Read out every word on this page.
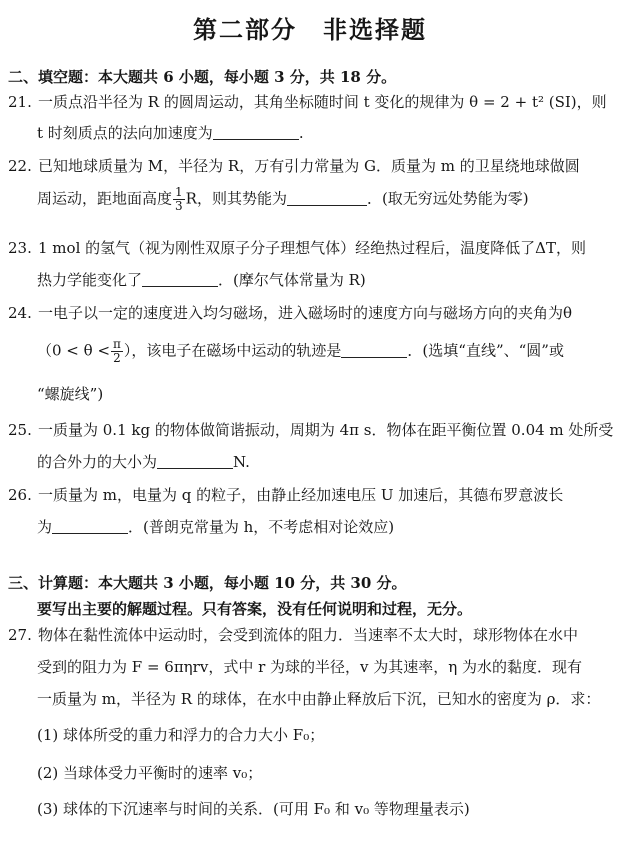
第二部分　非选择题
二、填空题：本大题共 6 小题，每小题 3 分，共 18 分。
21. 一质点沿半径为 R 的圆周运动，其角坐标随时间 t 变化的规律为 θ = 2 + t² (SI)，则
t 时刻质点的法向加速度为	.
22. 已知地球质量为 M，半径为 R，万有引力常量为 G．质量为 m 的卫星绕地球做圆
周运动，距地面高度 $\frac{1}{3}$ R，则其势能为	．(取无穷远处势能为零)
23. 1 mol 的氢气（视为刚性双原子分子理想气体）经绝热过程后，温度降低了ΔT，则
热力学能变化了	．(摩尔气体常量为 R)
24. 一电子以一定的速度进入均匀磁场，进入磁场时的速度方向与磁场方向的夹角为θ
（$0 < \theta < \frac{\pi}{2}$ ），该电子在磁场中运动的轨迹是	．(选填“直线”、“圆”或
“螺旋线”)
25. 一质量为 0.1 kg 的物体做简谐振动，周期为 4π s．物体在距平衡位置 0.04 m 处所受
的合外力的大小为	N.
26. 一质量为 m，电量为 q 的粒子，由静止经加速电压 U 加速后，其德布罗意波长
为	．(普朗克常量为 h，不考虑相对论效应)
三、计算题：本大题共 3 小题，每小题 10 分，共 30 分。
要写出主要的解题过程。只有答案，没有任何说明和过程，无分。
27. 物体在黏性流体中运动时，会受到流体的阻力．当速率不太大时，球形物体在水中
受到的阻力为 F = 6πηrv，式中 r 为球的半径，v 为其速率，η 为水的黏度．现有
一质量为 m，半径为 R 的球体，在水中由静止释放后下沉，已知水的密度为 ρ．求：
(1) 球体所受的重力和浮力的合力大小 F₀；
(2) 当球体受力平衡时的速率 v₀；
(3) 球体的下沉速率与时间的关系．(可用 F₀ 和 v₀ 等物理量表示)
